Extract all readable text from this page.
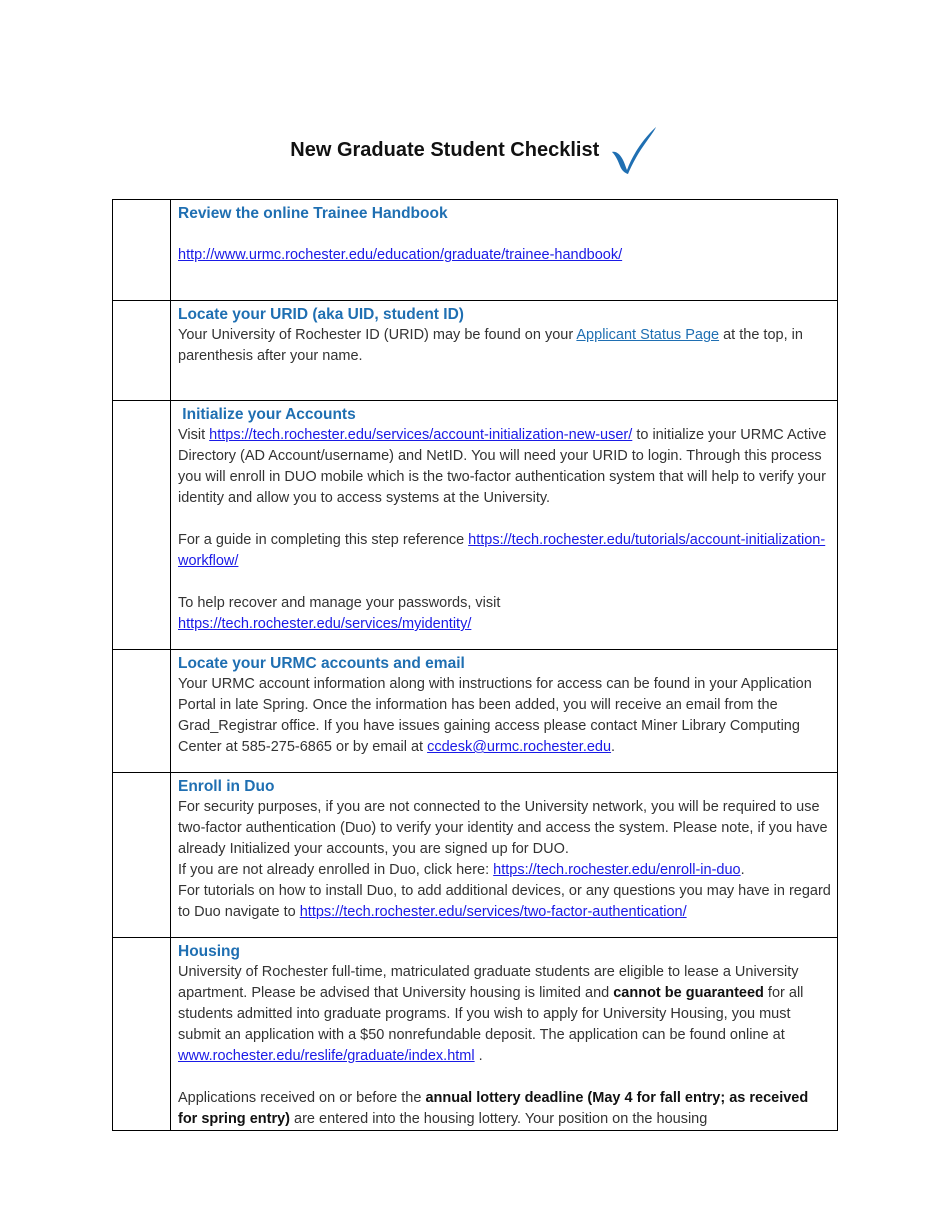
New Graduate Student Checklist

	Review the online Trainee Handbook

http://www.urmc.rochester.edu/education/graduate/trainee-handbook/

	Locate your URID (aka UID, student ID)

Your University of Rochester ID (URID) may be found on your Applicant Status Page at the top, in parenthesis after your name.

	Initialize your Accounts

Visit https://tech.rochester.edu/services/account-initialization-new-user/ to initialize your URMC Active Directory (AD Account/username) and NetID. You will need your URID to login. Through this process you will enroll in DUO mobile which is the two-factor authentication system that will help to verify your identity and allow you to access systems at the University.

For a guide in completing this step reference https://tech.rochester.edu/tutorials/account-initialization-workflow/

To help recover and manage your passwords, visit
https://tech.rochester.edu/services/myidentity/

	Locate your URMC accounts and email

Your URMC account information along with instructions for access can be found in your Application Portal in late Spring. Once the information has been added, you will receive an email from the Grad_Registrar office. If you have issues gaining access please contact Miner Library Computing Center at 585-275-6865 or by email at ccdesk@urmc.rochester.edu.

	Enroll in Duo

For security purposes, if you are not connected to the University network, you will be required to use two-factor authentication (Duo) to verify your identity and access the system. Please note, if you have already Initialized your accounts, you are signed up for DUO.

If you are not already enrolled in Duo, click here: https://tech.rochester.edu/enroll-in-duo.

For tutorials on how to install Duo, to add additional devices, or any questions you may have in regard to Duo navigate to https://tech.rochester.edu/services/two-factor-authentication/

	Housing

University of Rochester full-time, matriculated graduate students are eligible to lease a University apartment. Please be advised that University housing is limited and cannot be guaranteed for all students admitted into graduate programs. If you wish to apply for University Housing, you must submit an application with a $50 nonrefundable deposit. The application can be found online at www.rochester.edu/reslife/graduate/index.html .

Applications received on or before the annual lottery deadline (May 4 for fall entry; as received for spring entry) are entered into the housing lottery. Your position on the housing
